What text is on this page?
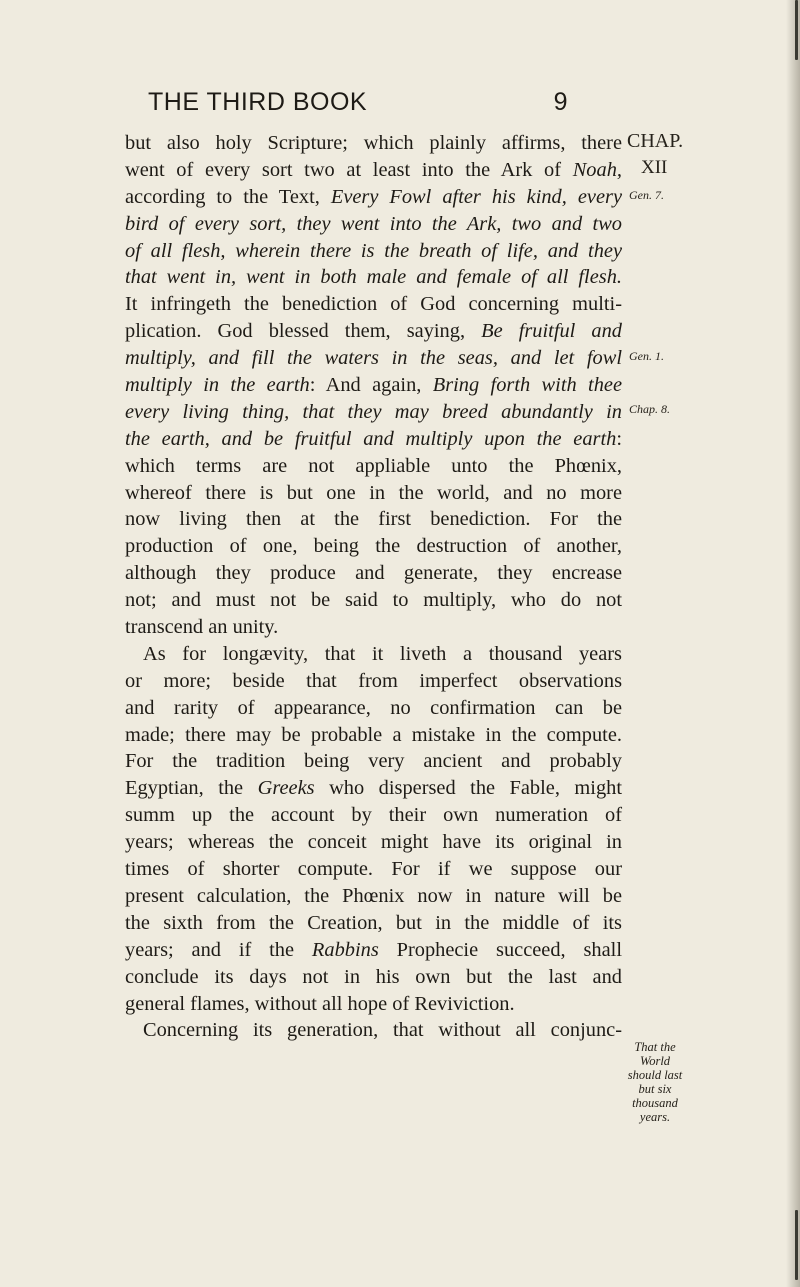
THE THIRD BOOK	9
but also holy Scripture; which plainly affirms, there
went of every sort two at least into the Ark of Noah,
according to the Text, Every Fowl after his kind, every
bird of every sort, they went into the Ark, two and two
of all flesh, wherein there is the breath of life, and they
that went in, went in both male and female of all flesh.
It infringeth the benediction of God concerning multi-
plication. God blessed them, saying, Be fruitful and
multiply, and fill the waters in the seas, and let fowl
multiply in the earth: And again, Bring forth with thee
every living thing, that they may breed abundantly in
the earth, and be fruitful and multiply upon the earth:
which terms are not appliable unto the Phœnix,
whereof there is but one in the world, and no more
now living then at the first benediction. For the
production of one, being the destruction of another,
although they produce and generate, they encrease
not; and must not be said to multiply, who do not
transcend an unity.
As for longævity, that it liveth a thousand years
or more; beside that from imperfect observations
and rarity of appearance, no confirmation can be
made; there may be probable a mistake in the compute.
For the tradition being very ancient and probably
Egyptian, the Greeks who dispersed the Fable, might
summ up the account by their own numeration of
years; whereas the conceit might have its original in
times of shorter compute. For if we suppose our
present calculation, the Phœnix now in nature will be
the sixth from the Creation, but in the middle of its
years; and if the Rabbins Prophecie succeed, shall
conclude its days not in his own but the last and
general flames, without all hope of Reviviction.
Concerning its generation, that without all conjunc-
CHAP.
XII
Gen. 7.
Gen. 1.
Chap. 8.
That the
World
should last
but six
thousand
years.
